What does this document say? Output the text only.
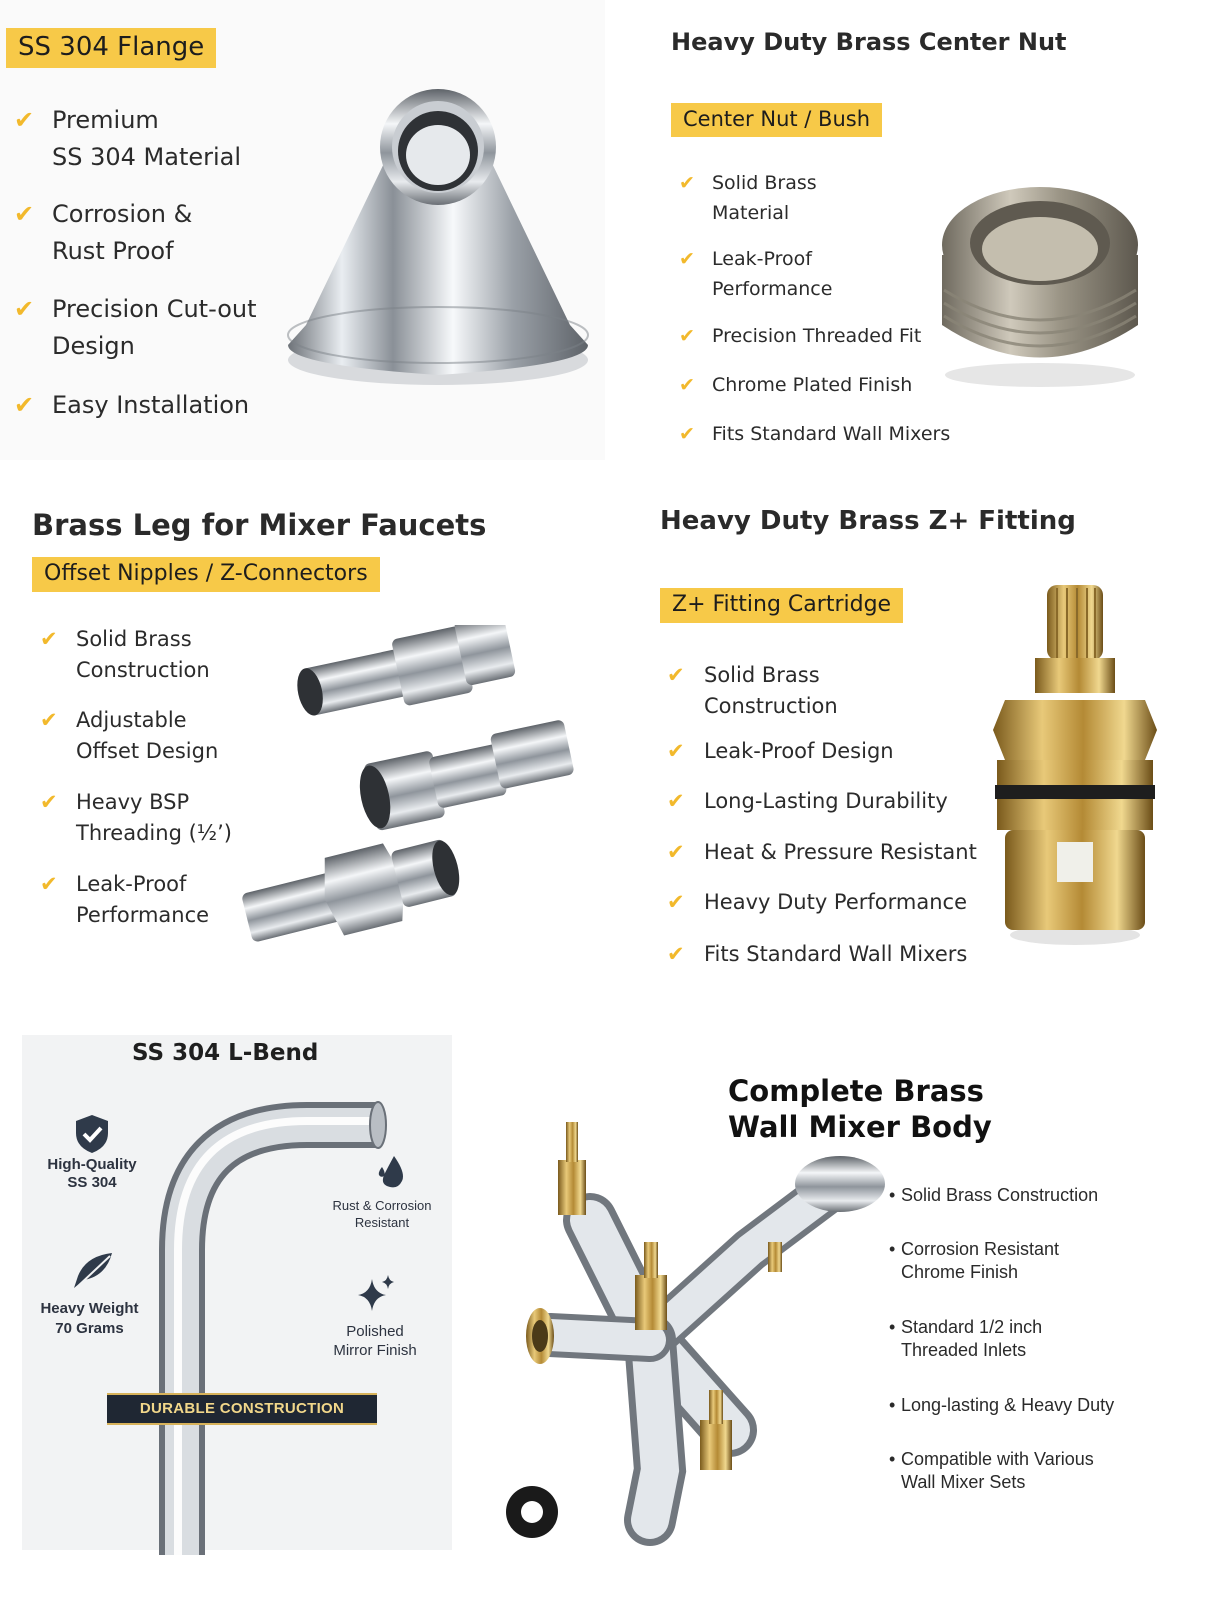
SS 304 Flange
✔ Premium
SS 304 Material
✔ Corrosion &
Rust Proof
✔ Precision Cut-out
Design
✔ Easy Installation
Heavy Duty Brass Center Nut
Center Nut / Bush
✔ Solid Brass
Material
✔ Leak-Proof
Performance
✔ Precision Threaded Fit
✔ Chrome Plated Finish
✔ Fits Standard Wall Mixers
Brass Leg for Mixer Faucets
Offset Nipples / Z-Connectors
✔ Solid Brass
Construction
✔ Adjustable
Offset Design
✔ Heavy BSP
Threading (½’)
✔ Leak-Proof
Performance
Heavy Duty Brass Z+ Fitting
Z+ Fitting Cartridge
✔ Solid Brass
Construction
✔ Leak-Proof Design
✔ Long-Lasting Durability
✔ Heat & Pressure Resistant
✔ Heavy Duty Performance
✔ Fits Standard Wall Mixers
SS 304 L-Bend
High-Quality
SS 304
Rust & Corrosion
Resistant
Heavy Weight
70 Grams	Polished
Mirror Finish
DURABLE CONSTRUCTION
Complete Brass
Wall Mixer Body
• Solid Brass Construction
• Corrosion Resistant
Chrome Finish
• Standard 1/2 inch
Threaded Inlets
• Long-lasting & Heavy Duty
• Compatible with Various
Wall Mixer Sets
